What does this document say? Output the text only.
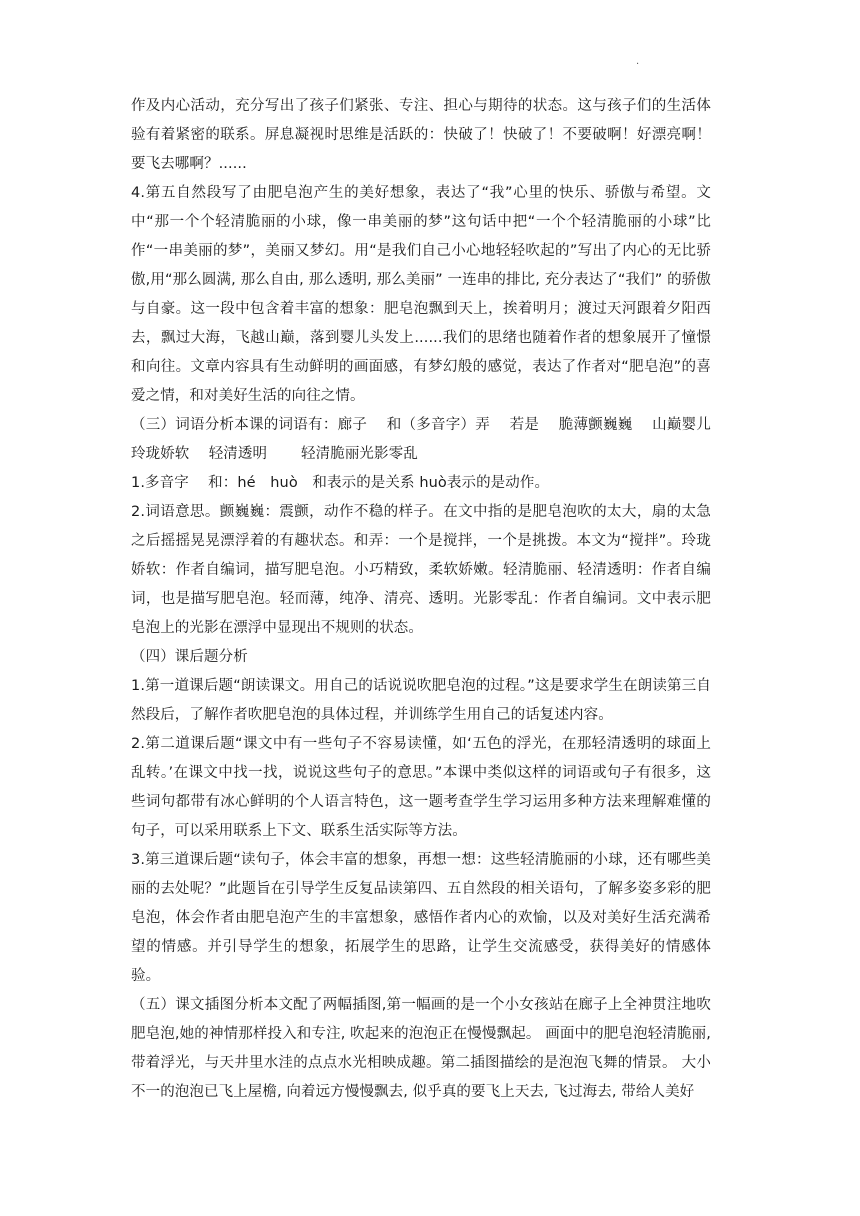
.

作及内心活动，充分写出了孩子们紧张、专注、担心与期待的状态。这与孩子们的生活体验有着紧密的联系。屏息凝视时思维是活跃的：快破了！快破了！不要破啊！好漂亮啊！要飞去哪啊？......

4.第五自然段写了由肥皂泡产生的美好想象，表达了“我”心里的快乐、骄傲与希望。文中“那一个个轻清脆丽的小球，像一串美丽的梦”这句话中把“一个个轻清脆丽的小球”比作“一串美丽的梦”，美丽又梦幻。用“是我们自己小心地轻轻吹起的”写出了内心的无比骄傲,用“那么圆满, 那么自由, 那么透明, 那么美丽” 一连串的排比, 充分表达了“我们” 的骄傲与自豪。这一段中包含着丰富的想象：肥皂泡飘到天上，挨着明月；渡过天河跟着夕阳西去，飘过大海，飞越山巅，落到婴儿头发上......我们的思绪也随着作者的想象展开了憧憬和向往。文章内容具有生动鲜明的画面感，有梦幻般的感觉，表达了作者对“肥皂泡”的喜爱之情，和对美好生活的向往之情。

（三）词语分析本课的词语有：廊子　 和（多音字）弄　 若是　 脆薄颤巍巍　 山巅婴儿　 玲珑娇软　 轻清透明　 　轻清脆丽光影零乱

1.多音字　 和：hé　huò　和表示的是关系 huò表示的是动作。

2.词语意思。颤巍巍：震颤，动作不稳的样子。在文中指的是肥皂泡吹的太大，扇的太急之后摇摇晃晃漂浮着的有趣状态。和弄：一个是搅拌，一个是挑拨。本文为“搅拌”。玲珑娇软：作者自编词，描写肥皂泡。小巧精致，柔软娇嫩。轻清脆丽、轻清透明：作者自编词，也是描写肥皂泡。轻而薄，纯净、清亮、透明。光影零乱：作者自编词。文中表示肥皂泡上的光影在漂浮中显现出不规则的状态。

（四）课后题分析

1.第一道课后题“朗读课文。用自己的话说说吹肥皂泡的过程。”这是要求学生在朗读第三自然段后，了解作者吹肥皂泡的具体过程，并训练学生用自己的话复述内容。

2.第二道课后题“课文中有一些句子不容易读懂，如‘五色的浮光，在那轻清透明的球面上乱转。’在课文中找一找，说说这些句子的意思。”本课中类似这样的词语或句子有很多，这些词句都带有冰心鲜明的个人语言特色，这一题考查学生学习运用多种方法来理解难懂的句子，可以采用联系上下文、联系生活实际等方法。

3.第三道课后题“读句子，体会丰富的想象，再想一想：这些轻清脆丽的小球，还有哪些美丽的去处呢？”此题旨在引导学生反复品读第四、五自然段的相关语句，了解多姿多彩的肥皂泡，体会作者由肥皂泡产生的丰富想象，感悟作者内心的欢愉，以及对美好生活充满希望的情感。并引导学生的想象，拓展学生的思路，让学生交流感受，获得美好的情感体验。

（五）课文插图分析本文配了两幅插图,第一幅画的是一个小女孩站在廊子上全神贯注地吹肥皂泡,她的神情那样投入和专注, 吹起来的泡泡正在慢慢飘起。 画面中的肥皂泡轻清脆丽,带着浮光，与天井里水洼的点点水光相映成趣。第二插图描绘的是泡泡飞舞的情景。 大小不一的泡泡已飞上屋檐, 向着远方慢慢飘去, 似乎真的要飞上天去, 飞过海去, 带给人美好
